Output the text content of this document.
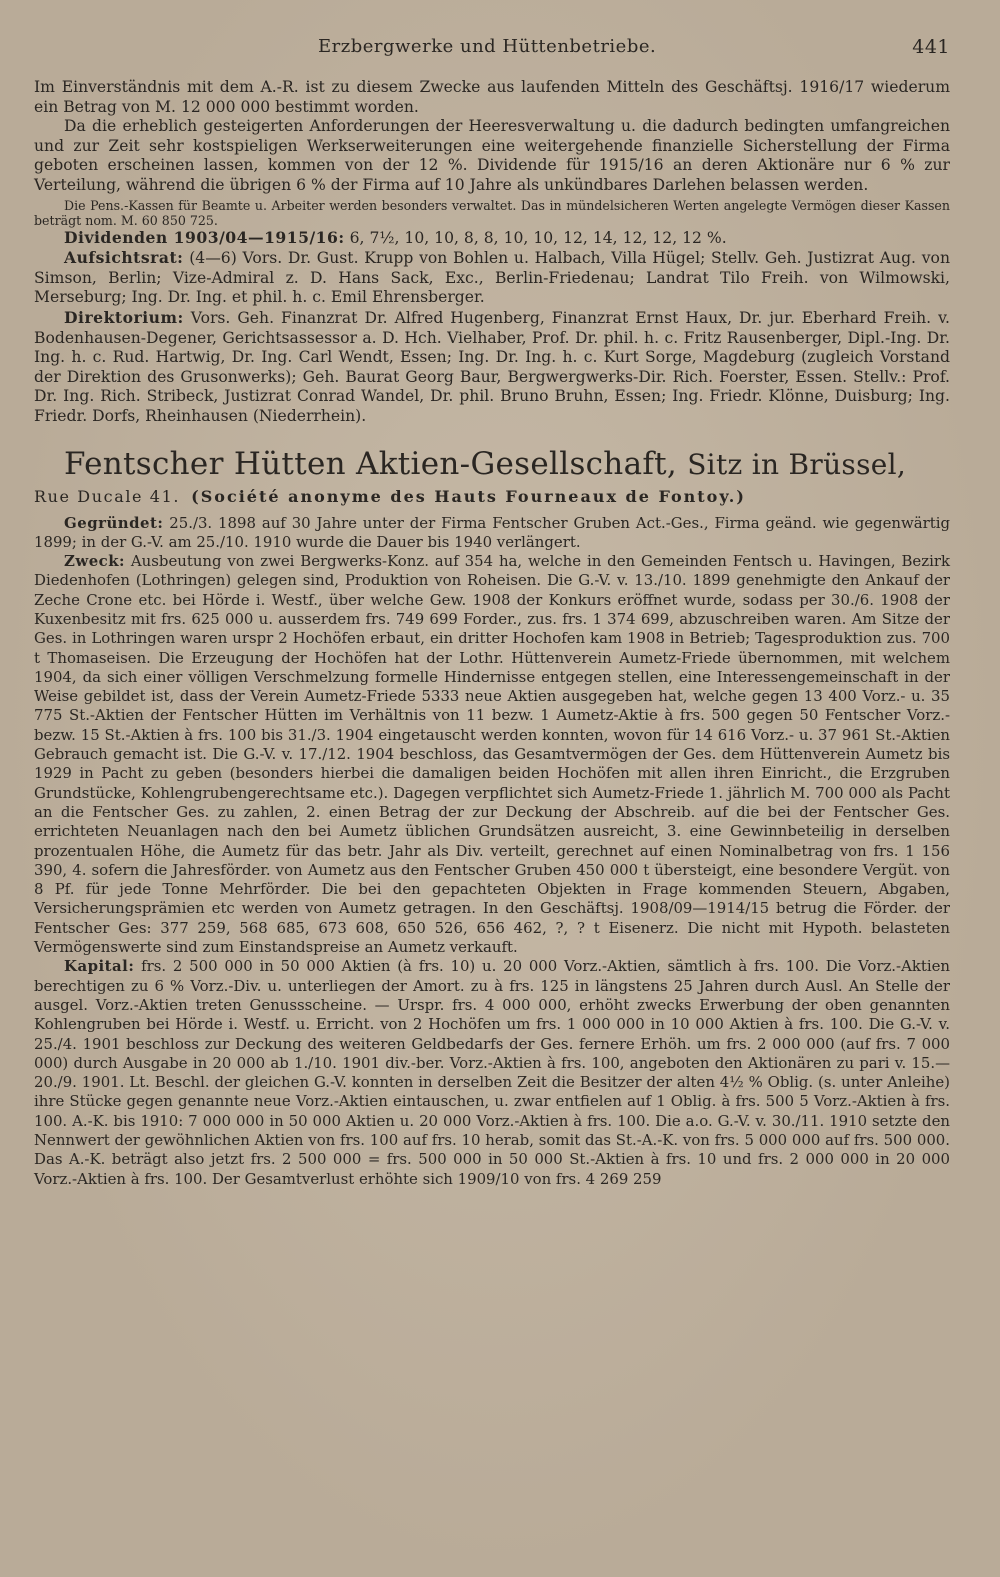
Erzbergwerke und Hüttenbetriebe.	441

Im Einverständnis mit dem A.-R. ist zu diesem Zwecke aus laufenden Mitteln des Geschäftsj. 1916/17 wiederum ein Betrag von M. 12 000 000 bestimmt worden.

Da die erheblich gesteigerten Anforderungen der Heeresverwaltung u. die dadurch bedingten umfangreichen und zur Zeit sehr kostspieligen Werkserweiterungen eine weitergehende finanzielle Sicherstellung der Firma geboten erscheinen lassen, kommen von der 12 %. Dividende für 1915/16 an deren Aktionäre nur 6 % zur Verteilung, während die übrigen 6 % der Firma auf 10 Jahre als unkündbares Darlehen belassen werden.

Die Pens.-Kassen für Beamte u. Arbeiter werden besonders verwaltet. Das in mündelsicheren Werten angelegte Vermögen dieser Kassen beträgt nom. M. 60 850 725.

Dividenden 1903/04—1915/16: 6, 7½, 10, 10, 8, 8, 10, 10, 12, 14, 12, 12, 12 %.

Aufsichtsrat: (4—6) Vors. Dr. Gust. Krupp von Bohlen u. Halbach, Villa Hügel; Stellv. Geh. Justizrat Aug. von Simson, Berlin; Vize-Admiral z. D. Hans Sack, Exc., Berlin-Friedenau; Landrat Tilo Freih. von Wilmowski, Merseburg; Ing. Dr. Ing. et phil. h. c. Emil Ehrensberger.

Direktorium: Vors. Geh. Finanzrat Dr. Alfred Hugenberg, Finanzrat Ernst Haux, Dr. jur. Eberhard Freih. v. Bodenhausen-Degener, Gerichtsassessor a. D. Hch. Vielhaber, Prof. Dr. phil. h. c. Fritz Rausenberger, Dipl.-Ing. Dr. Ing. h. c. Rud. Hartwig, Dr. Ing. Carl Wendt, Essen; Ing. Dr. Ing. h. c. Kurt Sorge, Magdeburg (zugleich Vorstand der Direktion des Grusonwerks); Geh. Baurat Georg Baur, Bergwergwerks-Dir. Rich. Foerster, Essen. Stellv.: Prof. Dr. Ing. Rich. Stribeck, Justizrat Conrad Wandel, Dr. phil. Bruno Bruhn, Essen; Ing. Friedr. Klönne, Duisburg; Ing. Friedr. Dorfs, Rheinhausen (Niederrhein).

Fentscher Hütten Aktien-Gesellschaft, Sitz in Brüssel,
Rue Ducale 41. (Société anonyme des Hauts Fourneaux de Fontoy.)

Gegründet: 25./3. 1898 auf 30 Jahre unter der Firma Fentscher Gruben Act.-Ges., Firma geänd. wie gegenwärtig 1899; in der G.-V. am 25./10. 1910 wurde die Dauer bis 1940 verlängert.

Zweck: Ausbeutung von zwei Bergwerks-Konz. auf 354 ha, welche in den Gemeinden Fentsch u. Havingen, Bezirk Diedenhofen (Lothringen) gelegen sind, Produktion von Roheisen. Die G.-V. v. 13./10. 1899 genehmigte den Ankauf der Zeche Crone etc. bei Hörde i. Westf., über welche Gew. 1908 der Konkurs eröffnet wurde, sodass per 30./6. 1908 der Kuxenbesitz mit frs. 625 000 u. ausserdem frs. 749 699 Forder., zus. frs. 1 374 699, abzuschreiben waren. Am Sitze der Ges. in Lothringen waren urspr 2 Hochöfen erbaut, ein dritter Hochofen kam 1908 in Betrieb; Tagesproduktion zus. 700 t Thomaseisen. Die Erzeugung der Hochöfen hat der Lothr. Hüttenverein Aumetz-Friede übernommen, mit welchem 1904, da sich einer völligen Verschmelzung formelle Hindernisse entgegen stellen, eine Interessengemeinschaft in der Weise gebildet ist, dass der Verein Aumetz-Friede 5333 neue Aktien ausgegeben hat, welche gegen 13 400 Vorz.- u. 35 775 St.-Aktien der Fentscher Hütten im Verhältnis von 11 bezw. 1 Aumetz-Aktie à frs. 500 gegen 50 Fentscher Vorz.- bezw. 15 St.-Aktien à frs. 100 bis 31./3. 1904 eingetauscht werden konnten, wovon für 14 616 Vorz.- u. 37 961 St.-Aktien Gebrauch gemacht ist. Die G.-V. v. 17./12. 1904 beschloss, das Gesamtvermögen der Ges. dem Hüttenverein Aumetz bis 1929 in Pacht zu geben (besonders hierbei die damaligen beiden Hochöfen mit allen ihren Einricht., die Erzgruben Grundstücke, Kohlengrubengerechtsame etc.). Dagegen verpflichtet sich Aumetz-Friede 1. jährlich M. 700 000 als Pacht an die Fentscher Ges. zu zahlen, 2. einen Betrag der zur Deckung der Abschreib. auf die bei der Fentscher Ges. errichteten Neuanlagen nach den bei Aumetz üblichen Grundsätzen ausreicht, 3. eine Gewinnbeteilig in derselben prozentualen Höhe, die Aumetz für das betr. Jahr als Div. verteilt, gerechnet auf einen Nominalbetrag von frs. 1 156 390, 4. sofern die Jahresförder. von Aumetz aus den Fentscher Gruben 450 000 t übersteigt, eine besondere Vergüt. von 8 Pf. für jede Tonne Mehrförder. Die bei den gepachteten Objekten in Frage kommenden Steuern, Abgaben, Versicherungsprämien etc werden von Aumetz getragen. In den Geschäftsj. 1908/09—1914/15 betrug die Förder. der Fentscher Ges: 377 259, 568 685, 673 608, 650 526, 656 462, ?, ? t Eisenerz. Die nicht mit Hypoth. belasteten Vermögenswerte sind zum Einstandspreise an Aumetz verkauft.

Kapital: frs. 2 500 000 in 50 000 Aktien (à frs. 10) u. 20 000 Vorz.-Aktien, sämtlich à frs. 100. Die Vorz.-Aktien berechtigen zu 6 % Vorz.-Div. u. unterliegen der Amort. zu à frs. 125 in längstens 25 Jahren durch Ausl. An Stelle der ausgel. Vorz.-Aktien treten Genussscheine. — Urspr. frs. 4 000 000, erhöht zwecks Erwerbung der oben genannten Kohlengruben bei Hörde i. Westf. u. Erricht. von 2 Hochöfen um frs. 1 000 000 in 10 000 Aktien à frs. 100. Die G.-V. v. 25./4. 1901 beschloss zur Deckung des weiteren Geldbedarfs der Ges. fernere Erhöh. um frs. 2 000 000 (auf frs. 7 000 000) durch Ausgabe in 20 000 ab 1./10. 1901 div.-ber. Vorz.-Aktien à frs. 100, angeboten den Aktionären zu pari v. 15.—20./9. 1901. Lt. Beschl. der gleichen G.-V. konnten in derselben Zeit die Besitzer der alten 4½ % Oblig. (s. unter Anleihe) ihre Stücke gegen genannte neue Vorz.-Aktien eintauschen, u. zwar entfielen auf 1 Oblig. à frs. 500 5 Vorz.-Aktien à frs. 100. A.-K. bis 1910: 7 000 000 in 50 000 Aktien u. 20 000 Vorz.-Aktien à frs. 100. Die a.o. G.-V. v. 30./11. 1910 setzte den Nennwert der gewöhnlichen Aktien von frs. 100 auf frs. 10 herab, somit das St.-A.-K. von frs. 5 000 000 auf frs. 500 000. Das A.-K. beträgt also jetzt frs. 2 500 000 = frs. 500 000 in 50 000 St.-Aktien à frs. 10 und frs. 2 000 000 in 20 000 Vorz.-Aktien à frs. 100. Der Gesamtverlust erhöhte sich 1909/10 von frs. 4 269 259
